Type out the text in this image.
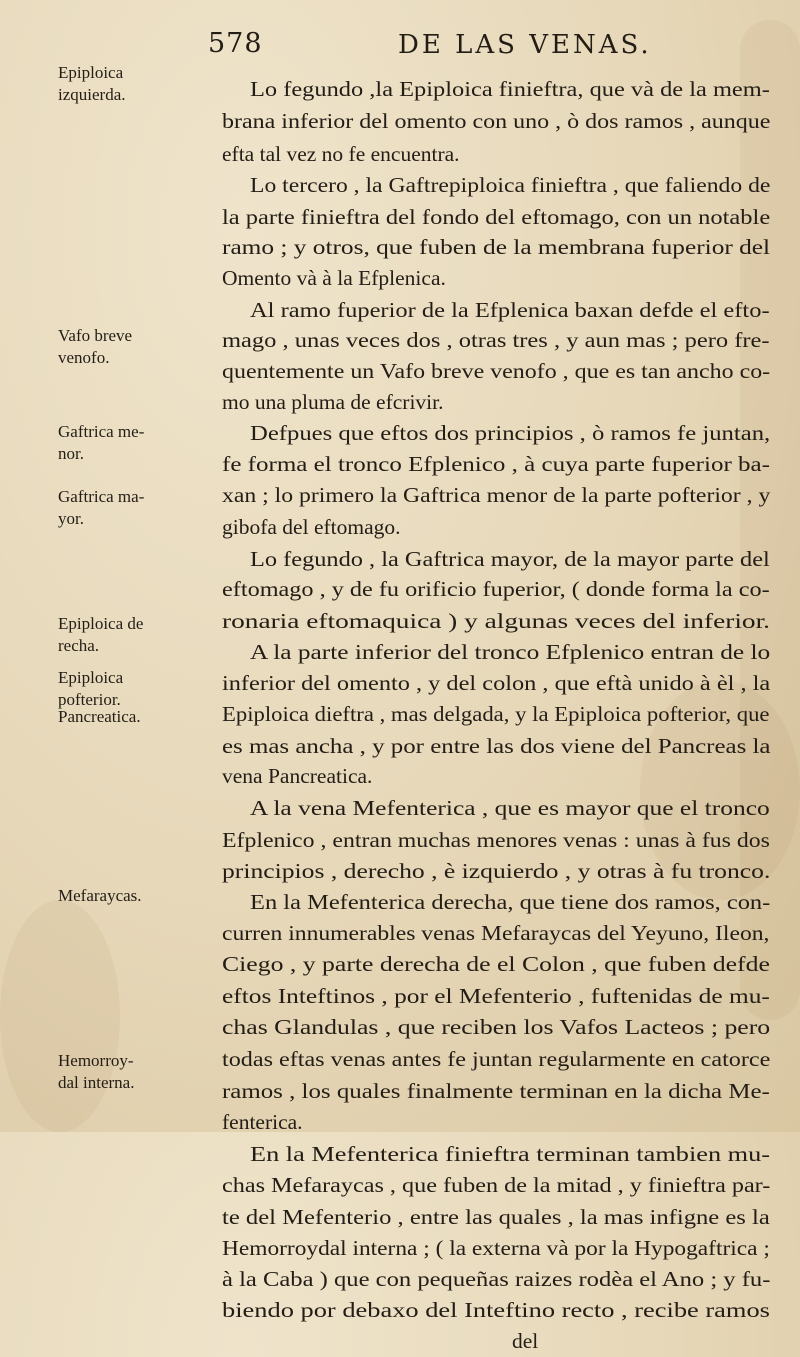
578	DE LAS VENAS.
Lo fegundo ,la Epiploica finieftra, que và de la mem-
brana inferior del omento con uno , ò dos ramos , aunque
efta tal vez no fe encuentra.
Lo tercero , la Gaftrepiploica finieftra , que faliendo de
la parte finieftra del fondo del eftomago, con un notable
ramo ; y otros, que fuben de la membrana fuperior del
Omento và à la Efplenica.
Al ramo fuperior de la Efplenica baxan defde el efto-
mago , unas veces dos , otras tres , y aun mas ; pero fre-
quentemente un Vafo breve venofo , que es tan ancho co-
mo una pluma de efcrivir.
Defpues que eftos dos principios , ò ramos fe juntan,
fe forma el tronco Efplenico , à cuya parte fuperior ba-
xan ; lo primero la Gaftrica menor de la parte pofterior , y
gibofa del eftomago.
Lo fegundo , la Gaftrica mayor, de la mayor parte del
eftomago , y de fu orificio fuperior, ( donde forma la co-
ronaria eftomaquica ) y algunas veces del inferior.
A la parte inferior del tronco Efplenico entran de lo
inferior del omento , y del colon , que eftà unido à èl , la
Epiploica dieftra , mas delgada, y la Epiploica pofterior, que
es mas ancha , y por entre las dos viene del Pancreas la
vena Pancreatica.
A la vena Mefenterica , que es mayor que el tronco
Efplenico , entran muchas menores venas : unas à fus dos
principios , derecho , è izquierdo , y otras à fu tronco.
En la Mefenterica derecha, que tiene dos ramos, con-
curren innumerables venas Mefaraycas del Yeyuno, Ileon,
Ciego , y parte derecha de el Colon , que fuben defde
eftos Inteftinos , por el Mefenterio , fuftenidas de mu-
chas Glandulas , que reciben los Vafos Lacteos ; pero
todas eftas venas antes fe juntan regularmente en catorce
ramos , los quales finalmente terminan en la dicha Me-
fenterica.
En la Mefenterica finieftra terminan tambien mu-
chas Mefaraycas , que fuben de la mitad , y finieftra par-
te del Mefenterio , entre las quales , la mas infigne es la
Hemorroydal interna ; ( la externa và por la Hypogaftrica ;
à la Caba ) que con pequeñas raizes rodèa el Ano ; y fu-
biendo por debaxo del Inteftino recto , recibe ramos
del
Epiploica
izquierda.
Vafo breve
venofo.
Gaftrica me-
nor.
Gaftrica ma-
yor.
Epiploica de
recha.
Epiploica
pofterior.
Pancreatica.
Mefaraycas.
Hemorroy-
dal interna.
